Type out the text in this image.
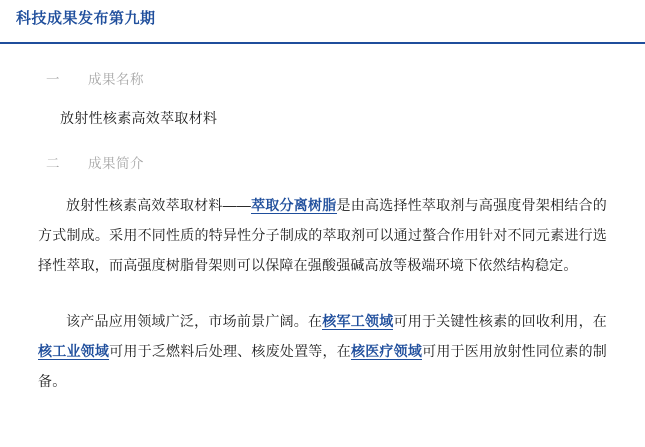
科技成果发布第九期
一	成果名称
放射性核素高效萃取材料
二	成果简介

放射性核素高效萃取材料——萃取分离树脂是由高选择性萃取剂与高强度骨架相结合的方式制成。采用不同性质的特异性分子制成的萃取剂可以通过螯合作用针对不同元素进行选择性萃取，而高强度树脂骨架则可以保障在强酸强碱高放等极端环境下依然结构稳定。

该产品应用领域广泛，市场前景广阔。在核军工领域可用于关键性核素的回收利用，在核工业领域可用于乏燃料后处理、核废处置等，在核医疗领域可用于医用放射性同位素的制备。
